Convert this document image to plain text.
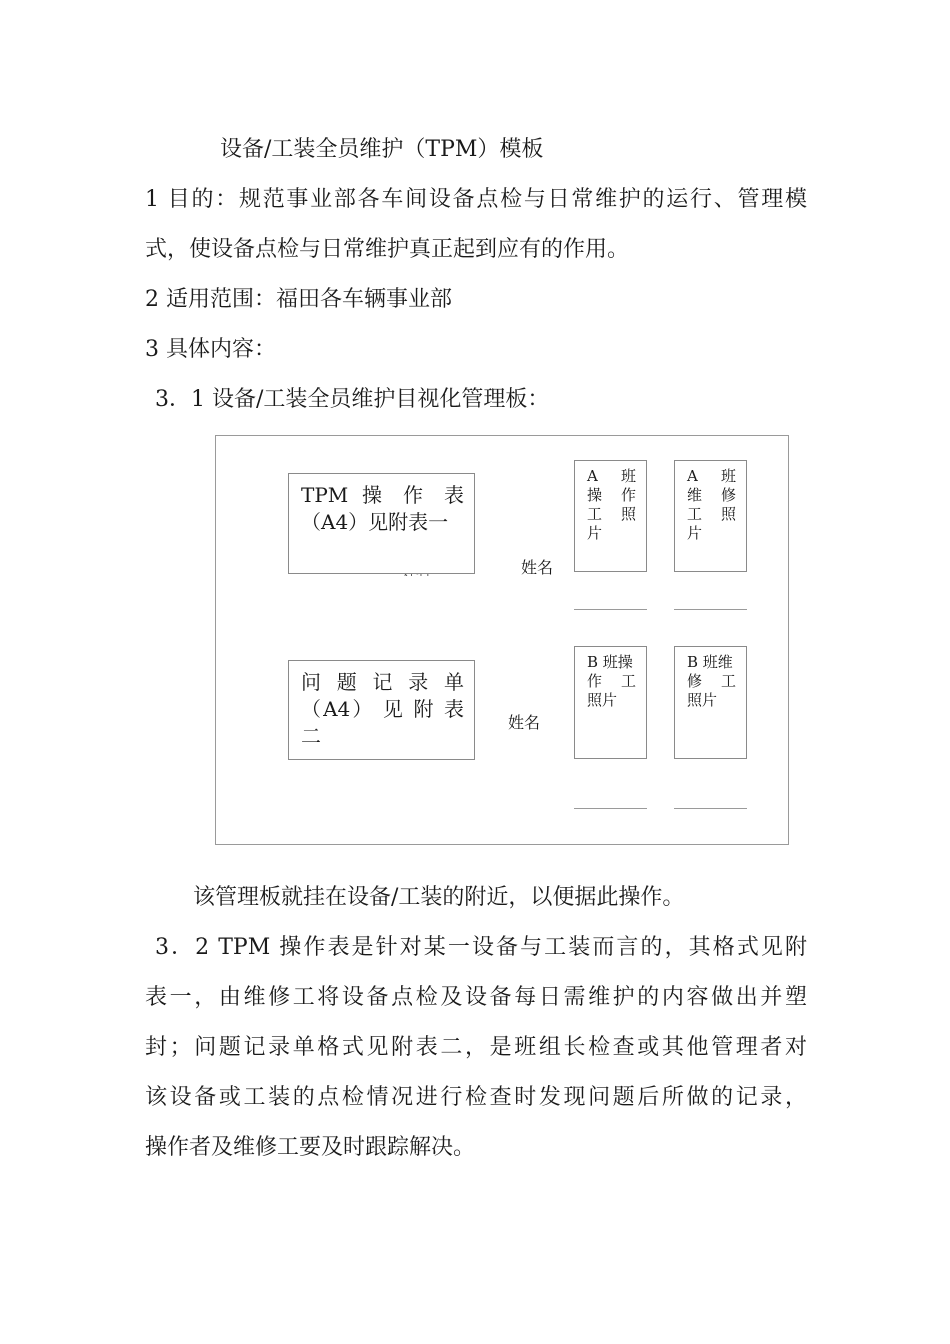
设备/工装全员维护（TPM）模板
1 目的：规范事业部各车间设备点检与日常维护的运行、管理模
式，使设备点检与日常维护真正起到应有的作用。
2 适用范围：福田各车辆事业部
3 具体内容：
3．1 设备/工装全员维护目视化管理板：
TPM 操 作 表
（A4）见附表一
姓名
A 班
操 作
工 照
片
A 班
维 修
工 照
片
问 题 记 录 单
（A4） 见 附 表
二
姓名
B 班操
作 工
照片
B 班维
修 工
照片
该管理板就挂在设备/工装的附近，以便据此操作。
3．2 TPM 操作表是针对某一设备与工装而言的，其格式见附
表一，由维修工将设备点检及设备每日需维护的内容做出并塑
封；问题记录单格式见附表二，是班组长检查或其他管理者对
该设备或工装的点检情况进行检查时发现问题后所做的记录，
操作者及维修工要及时跟踪解决。
